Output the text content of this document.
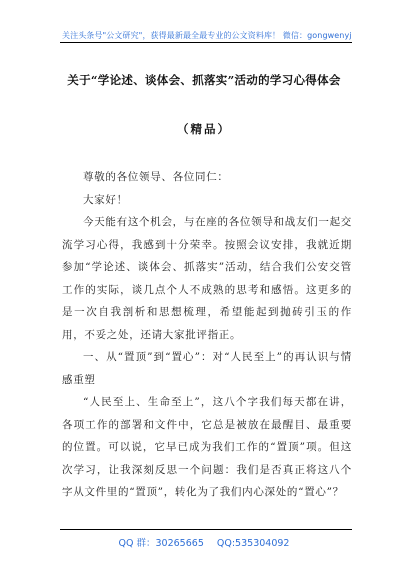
关注头条号"公文研究"，获得最新最全最专业的公文资料库！ 微信：gongwenyj
关于“学论述、谈体会、抓落实”活动的学习心得体会
（精品）

尊敬的各位领导、各位同仁：

大家好！

今天能有这个机会，与在座的各位领导和战友们一起交流学习心得，我感到十分荣幸。按照会议安排，我就近期参加“学论述、谈体会、抓落实”活动，结合我们公安交管工作的实际，谈几点个人不成熟的思考和感悟。这更多的是一次自我剖析和思想梳理，希望能起到抛砖引玉的作用，不妥之处，还请大家批评指正。

一、从“置顶”到“置心”：对“人民至上”的再认识与情感重塑

“人民至上、生命至上”，这八个字我们每天都在讲，各项工作的部署和文件中，它总是被放在最醒目、最重要的位置。可以说，它早已成为我们工作的“置顶”项。但这次学习，让我深刻反思一个问题：我们是否真正将这八个字从文件里的“置顶”，转化为了我们内心深处的“置心”？

QQ 群：30265665 QQ:535304092
